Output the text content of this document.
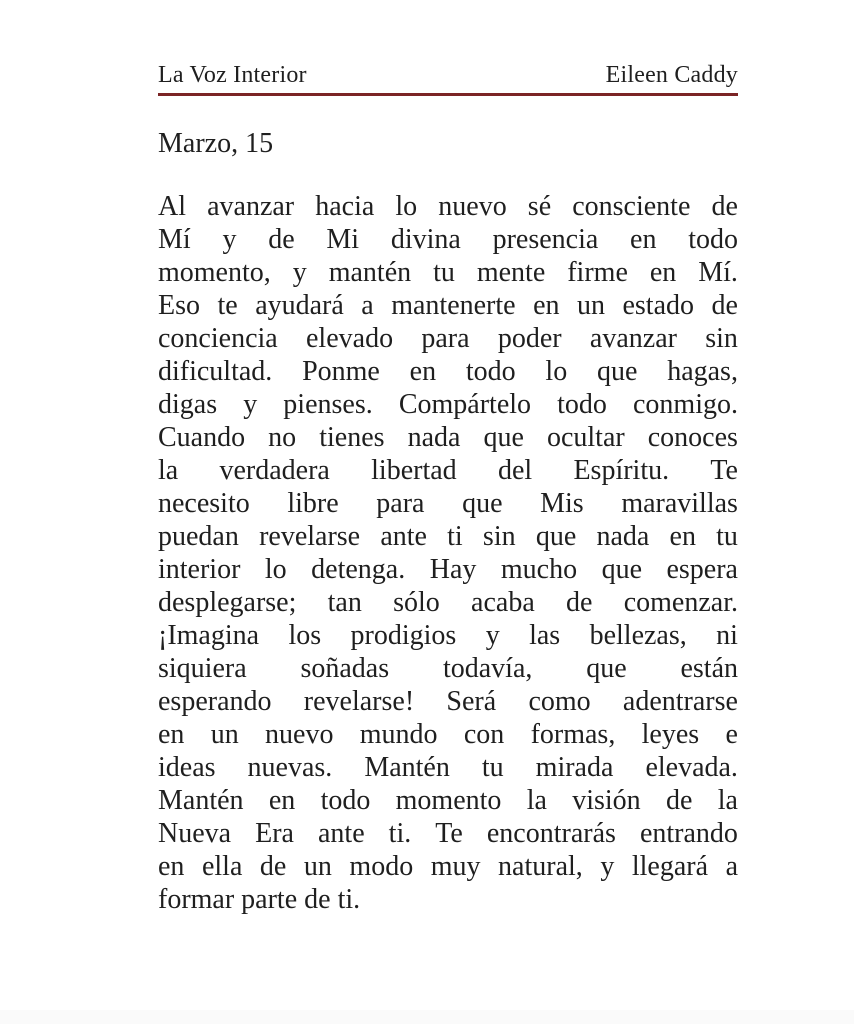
La Voz Interior	Eileen Caddy
Marzo, 15
Al avanzar hacia lo nuevo sé consciente de
Mí y de Mi divina presencia en todo
momento, y mantén tu mente firme en Mí.
Eso te ayudará a mantenerte en un estado de
conciencia elevado para poder avanzar sin
dificultad. Ponme en todo lo que hagas,
digas y pienses. Compártelo todo conmigo.
Cuando no tienes nada que ocultar conoces
la verdadera libertad del Espíritu. Te
necesito libre para que Mis maravillas
puedan revelarse ante ti sin que nada en tu
interior lo detenga. Hay mucho que espera
desplegarse; tan sólo acaba de comenzar.
¡Imagina los prodigios y las bellezas, ni
siquiera soñadas todavía, que están
esperando revelarse! Será como adentrarse
en un nuevo mundo con formas, leyes e
ideas nuevas. Mantén tu mirada elevada.
Mantén en todo momento la visión de la
Nueva Era ante ti. Te encontrarás entrando
en ella de un modo muy natural, y llegará a
formar parte de ti.
